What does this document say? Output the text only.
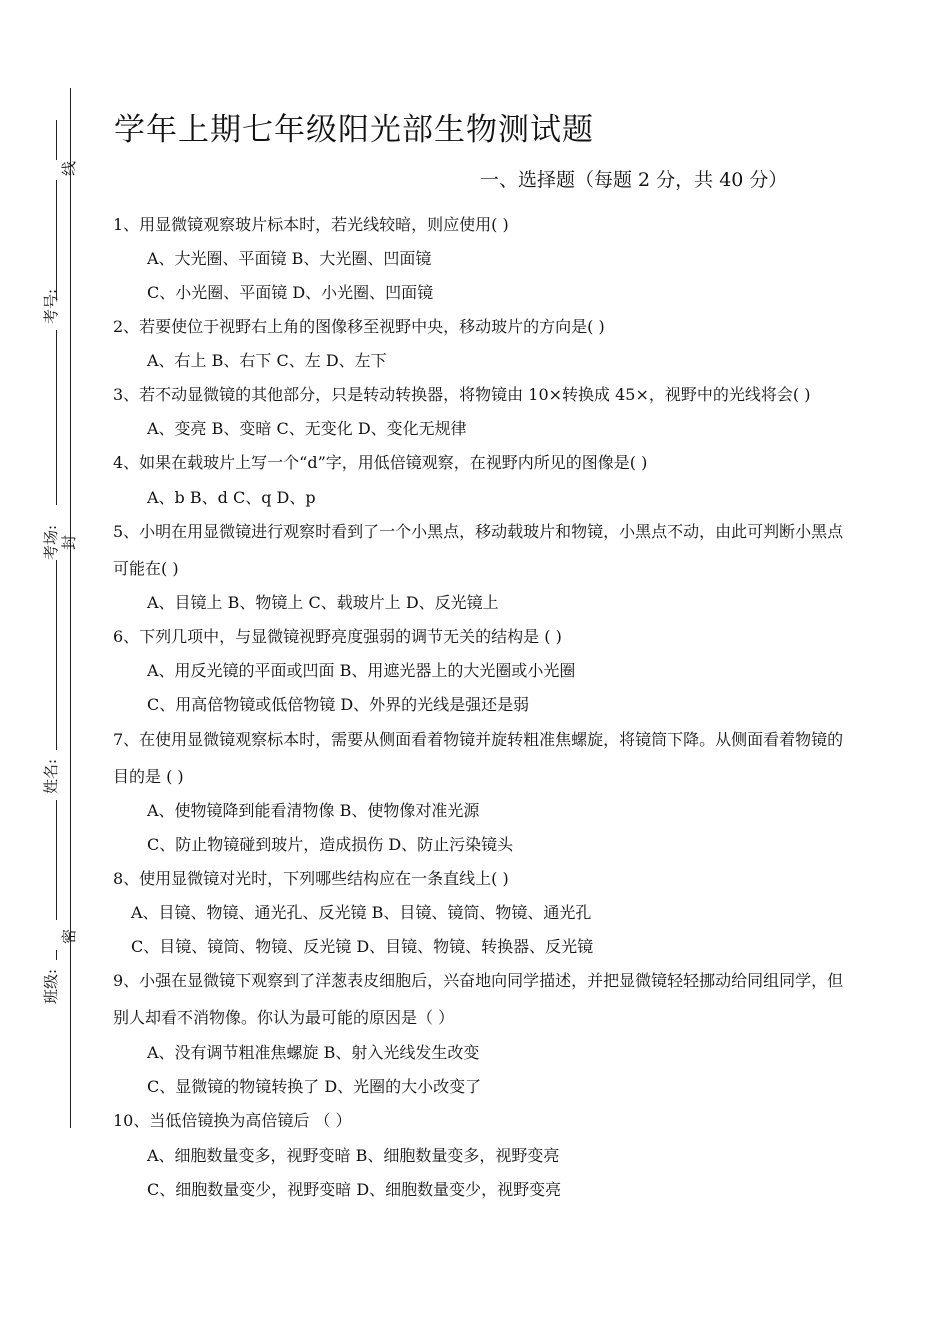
线
考号:
考场: 封
姓名:
密
班级:
学年上期七年级阳光部生物测试题
一、选择题（每题 2 分，共 40 分）
1、用显微镜观察玻片标本时，若光线较暗，则应使用( )
A、大光圈、平面镜 B、大光圈、凹面镜
C、小光圈、平面镜 D、小光圈、凹面镜
2、若要使位于视野右上角的图像移至视野中央，移动玻片的方向是( )
A、右上 B、右下 C、左 D、左下
3、若不动显微镜的其他部分，只是转动转换器，将物镜由 10×转换成 45×，视野中的光线将会( )
A、变亮 B、变暗 C、无变化 D、变化无规律
4、如果在载玻片上写一个“d”字，用低倍镜观察，在视野内所见的图像是( )
A、b B、d C、q D、p
5、小明在用显微镜进行观察时看到了一个小黑点，移动载玻片和物镜，小黑点不动，由此可判断小黑点
可能在( )
A、目镜上 B、物镜上 C、载玻片上 D、反光镜上
6、下列几项中，与显微镜视野亮度强弱的调节无关的结构是 ( )
A、用反光镜的平面或凹面 B、用遮光器上的大光圈或小光圈
C、用高倍物镜或低倍物镜 D、外界的光线是强还是弱
7、在使用显微镜观察标本时，需要从侧面看着物镜并旋转粗准焦螺旋，将镜筒下降。从侧面看着物镜的
目的是 ( )
A、使物镜降到能看清物像 B、使物像对准光源
C、防止物镜碰到玻片，造成损伤 D、防止污染镜头
8、使用显微镜对光时，下列哪些结构应在一条直线上( )
A、目镜、物镜、通光孔、反光镜 B、目镜、镜筒、物镜、通光孔
C、目镜、镜筒、物镜、反光镜 D、目镜、物镜、转换器、反光镜
9、小强在显微镜下观察到了洋葱表皮细胞后，兴奋地向同学描述，并把显微镜轻轻挪动给同组同学，但
别人却看不消物像。你认为最可能的原因是（ ）
A、没有调节粗准焦螺旋 B、射入光线发生改变
C、显微镜的物镜转换了 D、光圈的大小改变了
10、当低倍镜换为高倍镜后 （ ）
A、细胞数量变多，视野变暗 B、细胞数量变多，视野变亮
C、细胞数量变少，视野变暗 D、细胞数量变少，视野变亮
